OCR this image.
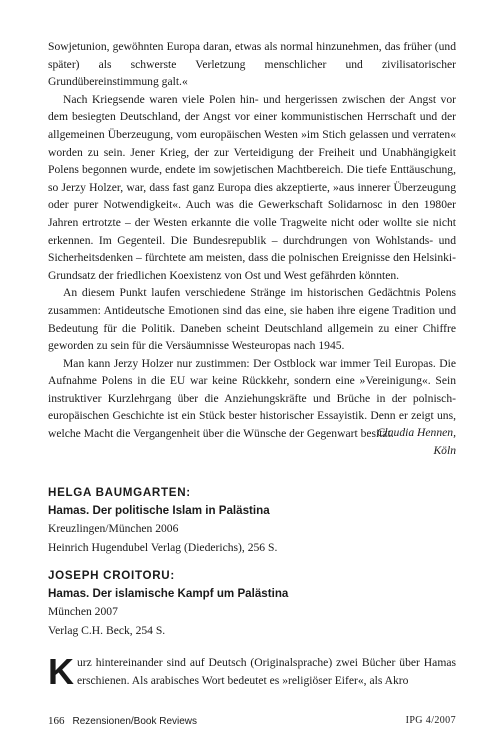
Sowjetunion, gewöhnten Europa daran, etwas als normal hinzunehmen, das früher (und später) als schwerste Verletzung menschlicher und zivilisatorischer Grundübereinstimmung galt.«

Nach Kriegsende waren viele Polen hin- und hergerissen zwischen der Angst vor dem besiegten Deutschland, der Angst vor einer kommunistischen Herrschaft und der allgemeinen Überzeugung, vom europäischen Westen »im Stich gelassen und verraten« worden zu sein. Jener Krieg, der zur Verteidigung der Freiheit und Unabhängigkeit Polens begonnen wurde, endete im sowjetischen Machtbereich. Die tiefe Enttäuschung, so Jerzy Holzer, war, dass fast ganz Europa dies akzeptierte, »aus innerer Überzeugung oder purer Notwendigkeit«. Auch was die Gewerkschaft Solidarnosc in den 1980er Jahren ertrotzte – der Westen erkannte die volle Tragweite nicht oder wollte sie nicht erkennen. Im Gegenteil. Die Bundesrepublik – durchdrungen von Wohlstands- und Sicherheitsdenken – fürchtete am meisten, dass die polnischen Ereignisse den Helsinki-Grundsatz der friedlichen Koexistenz von Ost und West gefährden könnten.

An diesem Punkt laufen verschiedene Stränge im historischen Gedächtnis Polens zusammen: Antideutsche Emotionen sind das eine, sie haben ihre eigene Tradition und Bedeutung für die Politik. Daneben scheint Deutschland allgemein zu einer Chiffre geworden zu sein für die Versäumnisse Westeuropas nach 1945.

Man kann Jerzy Holzer nur zustimmen: Der Ostblock war immer Teil Europas. Die Aufnahme Polens in die EU war keine Rückkehr, sondern eine »Vereinigung«. Sein instruktiver Kurzlehrgang über die Anziehungskräfte und Brüche in der polnisch-europäischen Geschichte ist ein Stück bester historischer Essayistik. Denn er zeigt uns, welche Macht die Vergangenheit über die Wünsche der Gegenwart besitzt.

Claudia Hennen,
Köln
HELGA BAUMGARTEN:
Hamas. Der politische Islam in Palästina
Kreuzlingen/München 2006
Heinrich Hugendubel Verlag (Diederichs), 256 S.
JOSEPH CROITORU:
Hamas. Der islamische Kampf um Palästina
München 2007
Verlag C.H. Beck, 254 S.
Kurz hintereinander sind auf Deutsch (Originalsprache) zwei Bücher über Hamas erschienen. Als arabisches Wort bedeutet es »religiöser Eifer«, als Akro
166 Rezensionen/Book Reviews	IPG 4/2007
